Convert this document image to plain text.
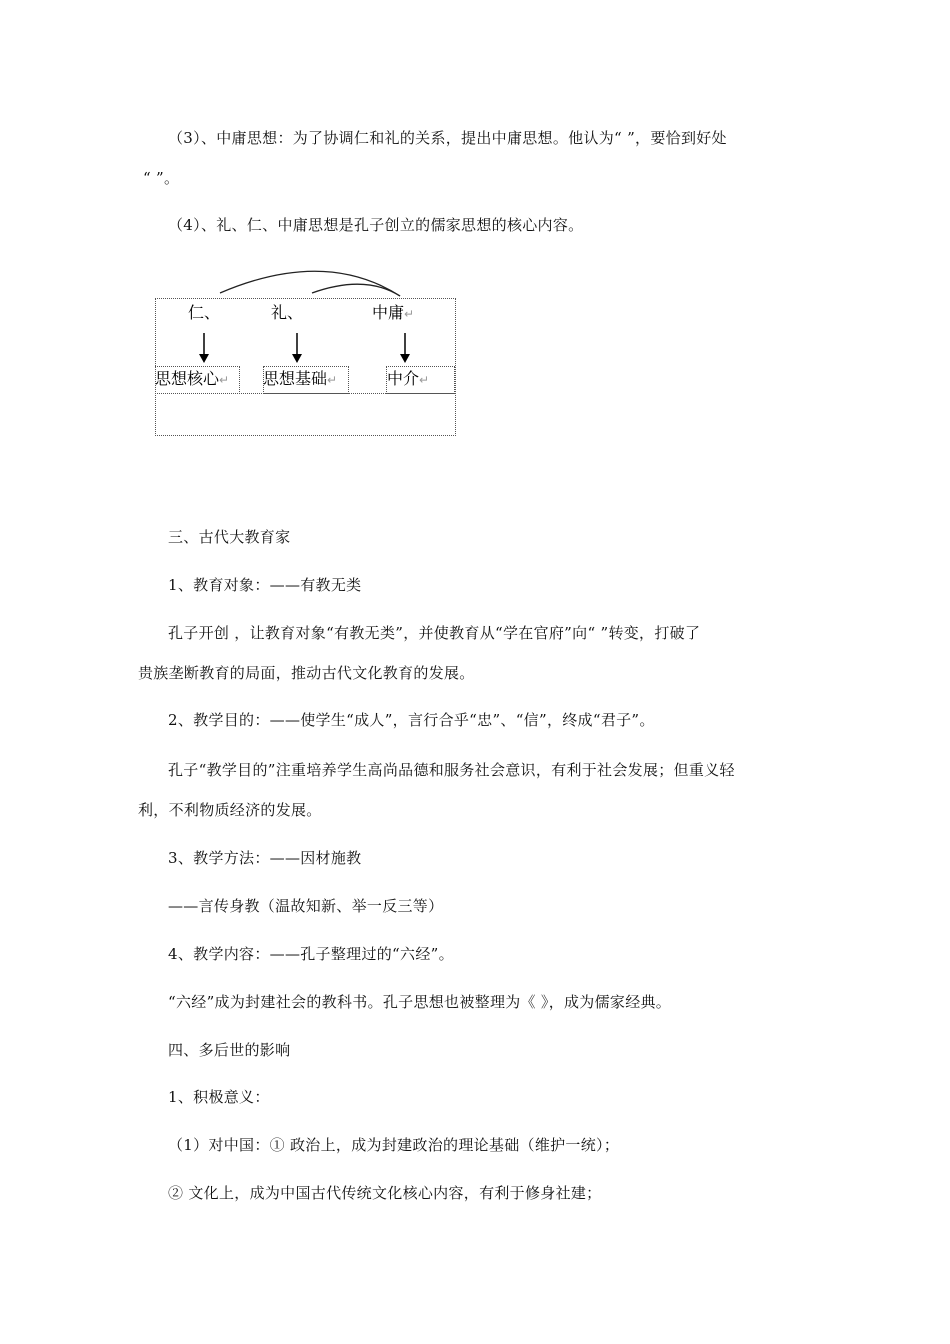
（3）、中庸思想：为了协调仁和礼的关系，提出中庸思想。他认为“ ”，要恰到好处
“ ”。
（4）、礼、仁、中庸思想是孔子创立的儒家思想的核心内容。
仁、	礼、	中庸↵
思想核心↵ 思想基础↵	中介↵
三、古代大教育家
1、教育对象：——有教无类
孔子开创 ，让教育对象“有教无类”，并使教育从“学在官府”向“ ”转变，打破了
贵族垄断教育的局面，推动古代文化教育的发展。
2、教学目的：——使学生“成人”，言行合乎“忠”、“信”，终成“君子”。
孔子“教学目的”注重培养学生高尚品德和服务社会意识，有利于社会发展；但重义轻
利，不利物质经济的发展。
3、教学方法：——因材施教
——言传身教（温故知新、举一反三等）
4、教学内容：——孔子整理过的“六经”。
“六经”成为封建社会的教科书。孔子思想也被整理为《 》，成为儒家经典。
四、多后世的影响
1、积极意义：
（1）对中国：① 政治上，成为封建政治的理论基础（维护一统）；
② 文化上，成为中国古代传统文化核心内容，有利于修身社建；
